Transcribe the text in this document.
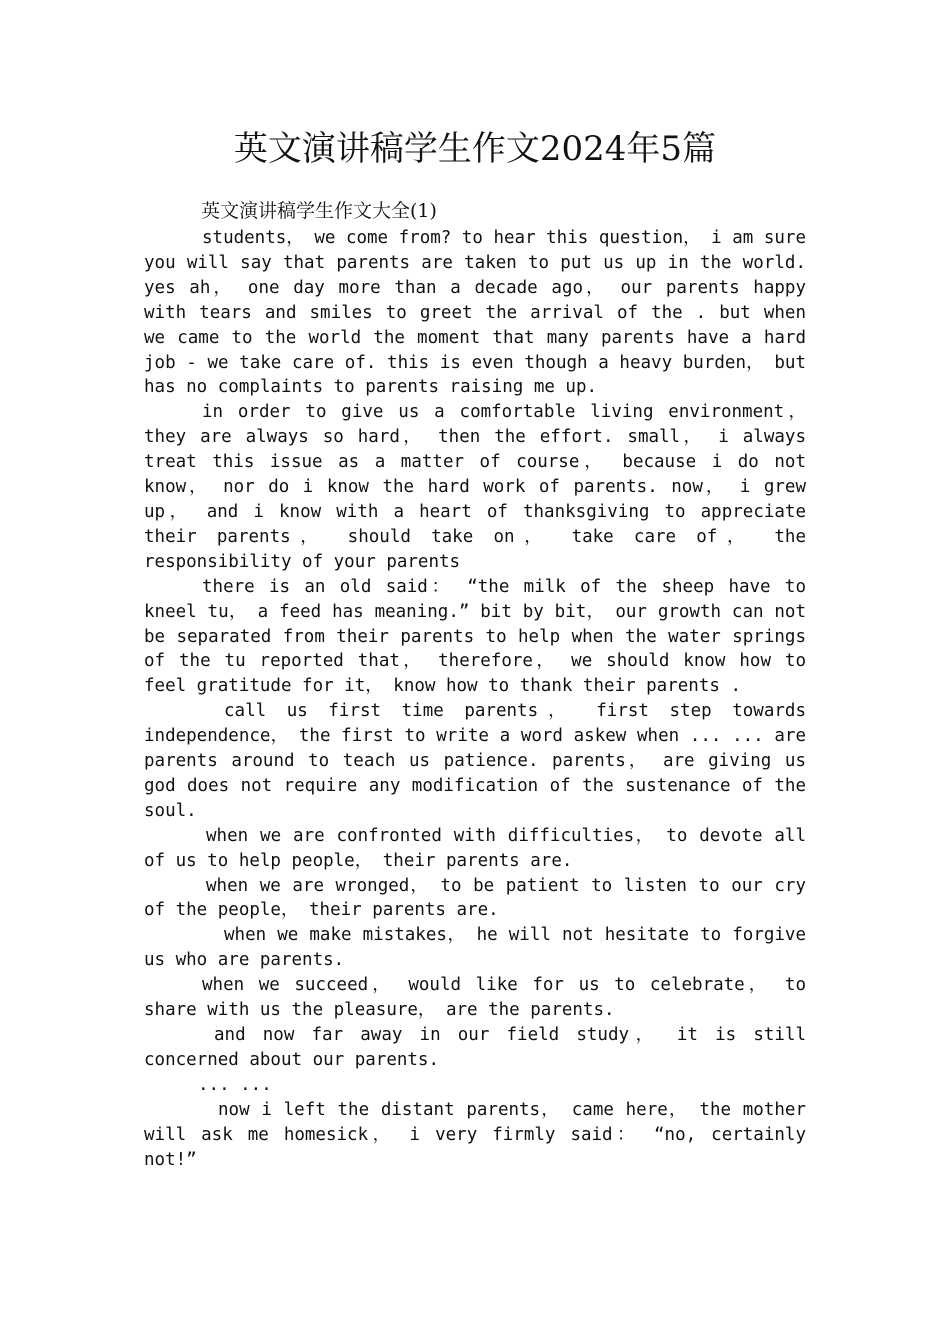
英文演讲稿学生作文2024年5篇
英文演讲稿学生作文大全(1)

students， we come from? to hear this question， i am sure you will say that parents are taken to put us up in the world. yes ah， one day more than a decade ago， our parents happy with tears and smiles to greet the arrival of the . but when we came to the world the moment that many parents have a hard job - we take care of. this is even though a heavy burden， but has no complaints to parents raising me up.

in order to give us a comfortable living environment， they are always so hard， then the effort. small， i always treat this issue as a matter of course， because i do not know， nor do i know the hard work of parents. now， i grew up， and i know with a heart of thanksgiving to appreciate their parents， should take on， take care of， the responsibility of your parents

there is an old said： “the milk of the sheep have to kneel tu， a feed has meaning.” bit by bit， our growth can not be separated from their parents to help when the water springs of the tu reported that， therefore， we should know how to feel gratitude for it， know how to thank their parents .

call us first time parents， first step towards independence， the first to write a word askew when ... ... are parents around to teach us patience. parents， are giving us god does not require any modification of the sustenance of the soul.

when we are confronted with difficulties， to devote all of us to help people， their parents are.

when we are wronged， to be patient to listen to our cry of the people， their parents are.

when we make mistakes， he will not hesitate to forgive us who are parents.

when we succeed， would like for us to celebrate， to share with us the pleasure， are the parents.

and now far away in our field study， it is still concerned about our parents.

... ...

now i left the distant parents， came here， the mother will ask me homesick， i very firmly said： “no, certainly not!”
